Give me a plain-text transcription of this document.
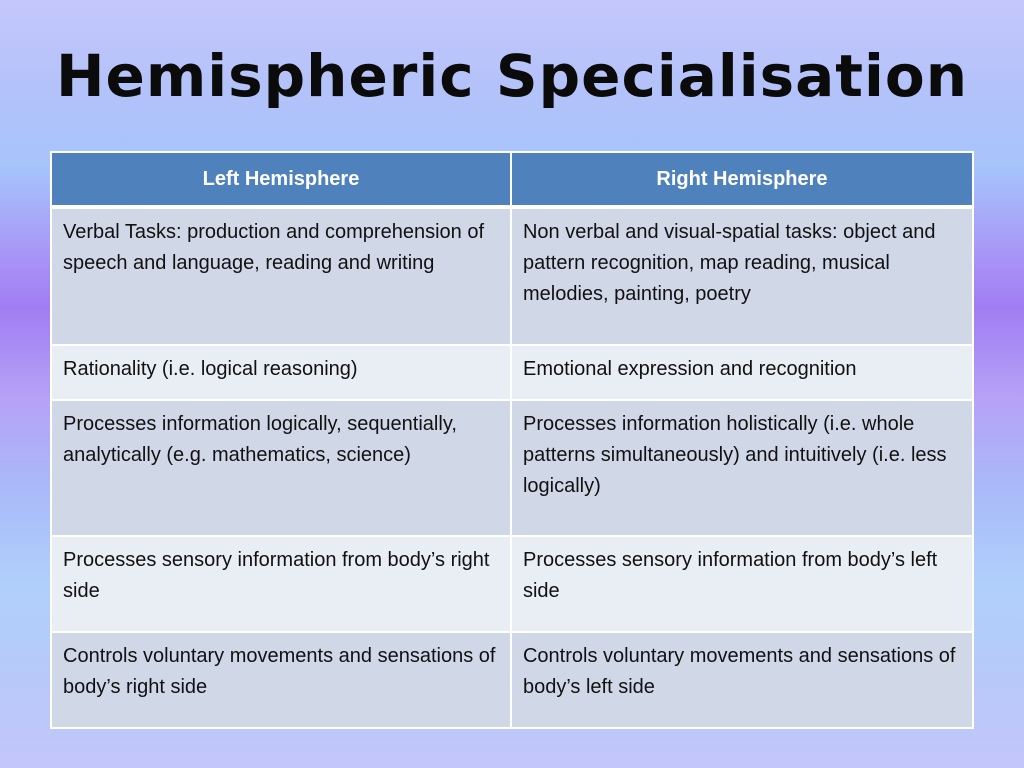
Hemispheric Specialisation
Left Hemisphere	Right Hemisphere
Verbal Tasks: production and comprehension of speech and language, reading and writing	Non verbal and visual-spatial tasks: object and pattern recognition, map reading, musical melodies, painting, poetry
Rationality (i.e. logical reasoning)	Emotional expression and recognition
Processes information logically, sequentially, analytically (e.g. mathematics, science)	Processes information holistically (i.e. whole patterns simultaneously) and intuitively (i.e. less logically)
Processes sensory information from body’s right side	Processes sensory information from body’s left side
Controls voluntary movements and sensations of body’s right side	Controls voluntary movements and sensations of body’s left side
